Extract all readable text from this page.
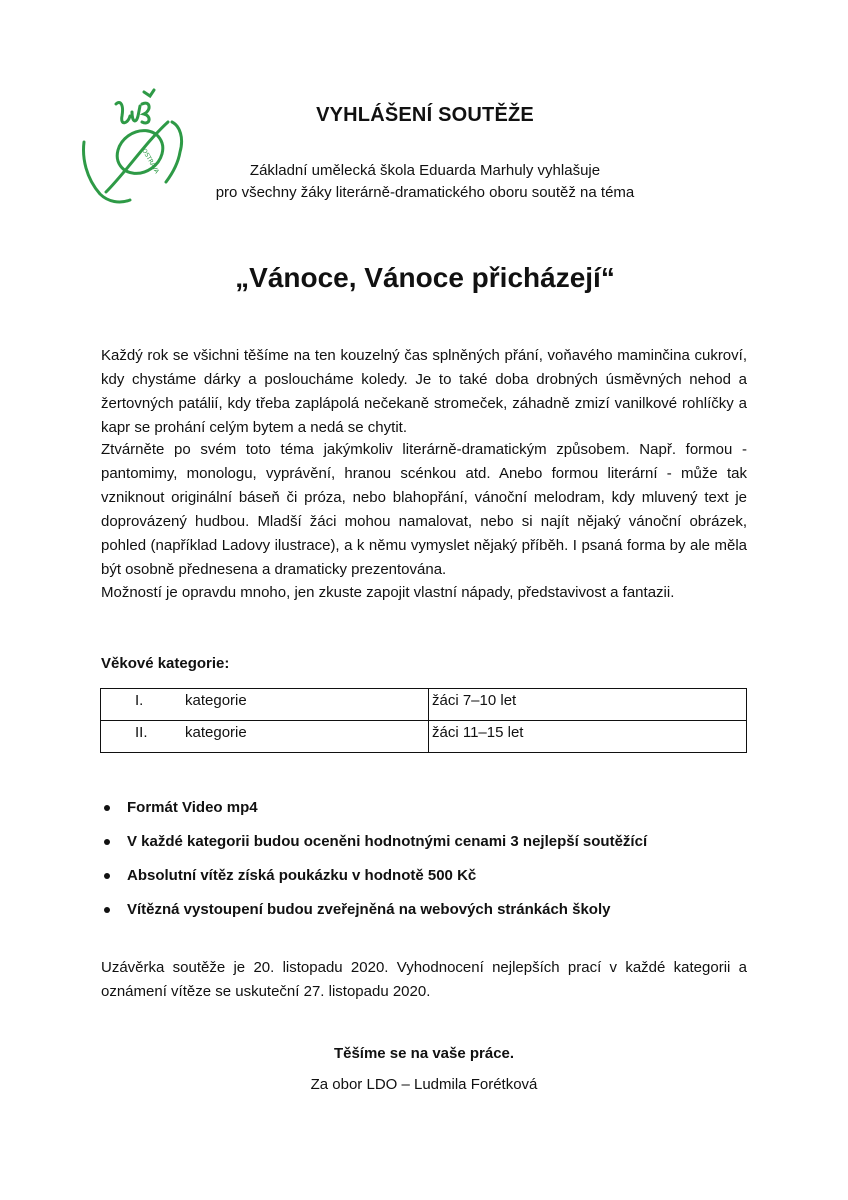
OSTRAVA
VYHLÁŠENÍ SOUTĚŽE
Základní umělecká škola Eduarda Marhuly vyhlašuje
pro všechny žáky literárně-dramatického oboru soutěž na téma
„Vánoce, Vánoce přicházejí“
Každý rok se všichni těšíme na ten kouzelný čas splněných přání, voňavého maminčina cukroví, kdy chystáme dárky a posloucháme koledy. Je to také doba drobných úsměvných nehod a žertovných patálií, kdy třeba zaplápolá nečekaně stromeček, záhadně zmizí vanilkové rohlíčky a kapr se prohání celým bytem a nedá se chytit.
Ztvárněte po svém toto téma jakýmkoliv literárně-dramatickým způsobem. Např. formou - pantomimy, monologu, vyprávění, hranou scénkou atd. Anebo formou literární - může tak vzniknout originální báseň či próza, nebo blahopřání, vánoční melodram, kdy mluvený text je doprovázený hudbou. Mladší žáci mohou namalovat, nebo si najít nějaký vánoční obrázek, pohled (například Ladovy ilustrace), a k němu vymyslet nějaký příběh. I psaná forma by ale měla být osobně přednesena a dramaticky prezentována.
Možností je opravdu mnoho, jen zkuste zapojit vlastní nápady, představivost a fantazii.
Věkové kategorie:
I. kategorie	žáci 7–10 let

II. kategorie	žáci 11–15 let
Formát Video mp4
V každé kategorii budou oceněni hodnotnými cenami 3 nejlepší soutěžící
Absolutní vítěz získá poukázku v hodnotě 500 Kč
Vítězná vystoupení budou zveřejněná na webových stránkách školy
Uzávěrka soutěže je 20. listopadu 2020. Vyhodnocení nejlepších prací v každé kategorii a oznámení vítěze se uskuteční 27. listopadu 2020.
Těšíme se na vaše práce.
Za obor LDO – Ludmila Forétková
